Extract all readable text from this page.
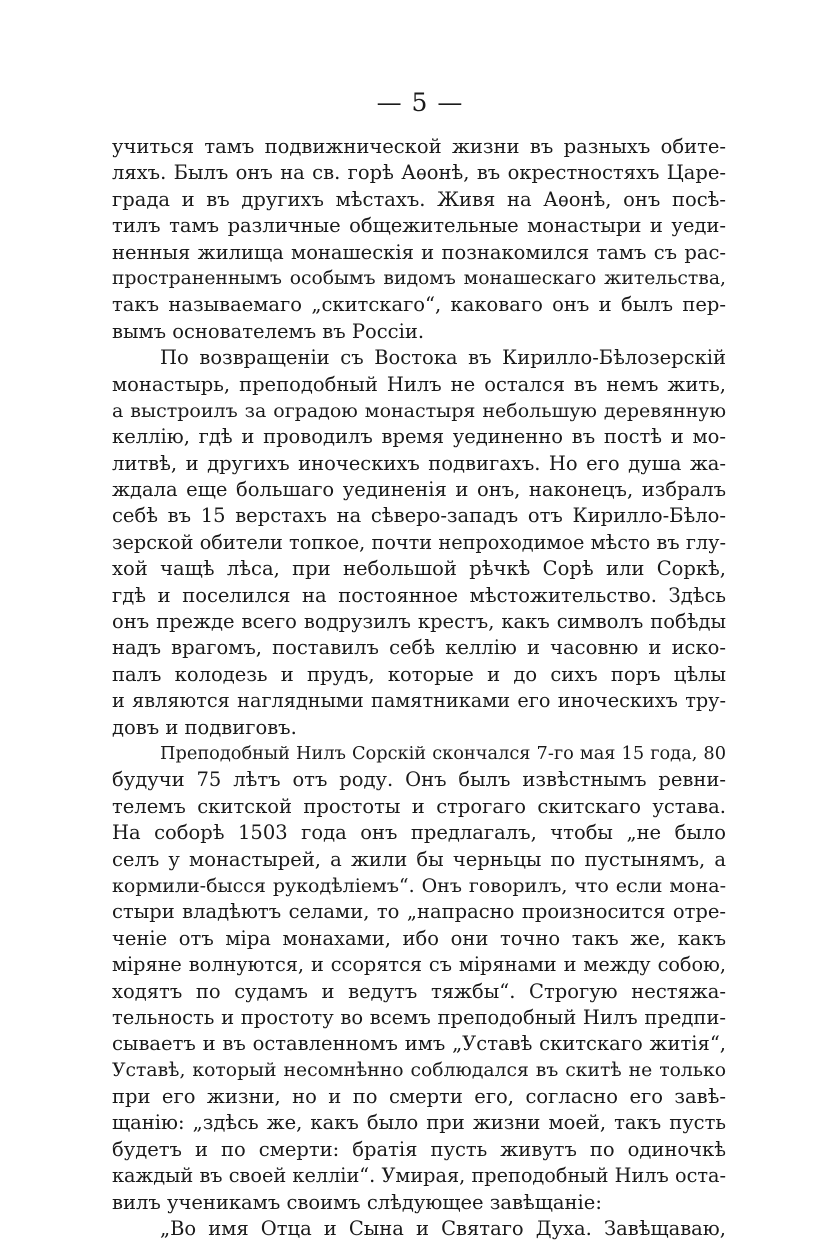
— 5 —
учиться тамъ подвижнической жизни въ разныхъ обите-
ляхъ. Былъ онъ на св. горѣ Аѳонѣ, въ окрестностяхъ Царе-
града и въ другихъ мѣстахъ. Живя на Аѳонѣ, онъ посѣ-
тилъ тамъ различные общежительные монастыри и уеди-
ненныя жилища монашескія и познакомился тамъ съ рас-
пространеннымъ особымъ видомъ монашескаго жительства,
такъ называемаго „скитскаго“, каковаго онъ и былъ пер-
вымъ основателемъ въ Россіи.
По возвращеніи съ Востока въ Кирилло-Бѣлозерскій
монастырь, преподобный Нилъ не остался въ немъ жить,
а выстроилъ за оградою монастыря небольшую деревянную
келлію, гдѣ и проводилъ время уединенно въ постѣ и мо-
литвѣ, и другихъ иноческихъ подвигахъ. Но его душа жа-
ждала еще большаго уединенія и онъ, наконецъ, избралъ
себѣ въ 15 верстахъ на сѣверо-западъ отъ Кирилло-Бѣло-
зерской обители топкое, почти непроходимое мѣсто въ глу-
хой чащѣ лѣса, при небольшой рѣчкѣ Сорѣ или Соркѣ,
гдѣ и поселился на постоянное мѣстожительство. Здѣсь
онъ прежде всего водрузилъ крестъ, какъ символъ побѣды
надъ врагомъ, поставилъ себѣ келлію и часовню и иско-
палъ колодезь и прудъ, которые и до сихъ поръ цѣлы
и являются наглядными памятниками его иноческихъ тру-
довъ и подвиговъ.
Преподобный Нилъ Сорскій скончался 7-го мая 15 года, 80
будучи 75 лѣтъ отъ роду. Онъ былъ извѣстнымъ ревни-
телемъ скитской простоты и строгаго скитскаго устава.
На соборѣ 1503 года онъ предлагалъ, чтобы „не было
селъ у монастырей, а жили бы черньцы по пустынямъ, а
кормили-бысся рукодѣліемъ“. Онъ говорилъ, что если мона-
стыри владѣютъ селами, то „напрасно произносится отре-
ченіе отъ міра монахами, ибо они точно такъ же, какъ
міряне волнуются, и ссорятся съ мірянами и между собою,
ходятъ по судамъ и ведутъ тяжбы“. Строгую нестяжа-
тельность и простоту во всемъ преподобный Нилъ предпи-
сываетъ и въ оставленномъ имъ „Уставѣ скитскаго житія“,
Уставѣ, который несомнѣнно соблюдался въ скитѣ не только
при его жизни, но и по смерти его, согласно его завѣ-
щанію: „здѣсь же, какъ было при жизни моей, такъ пусть
будетъ и по смерти: братія пусть живутъ по одиночкѣ
каждый въ своей келліи“. Умирая, преподобный Нилъ оста-
вилъ ученикамъ своимъ слѣдующее завѣщаніе:
„Во имя Отца и Сына и Святаго Духа. Завѣщаваю,
